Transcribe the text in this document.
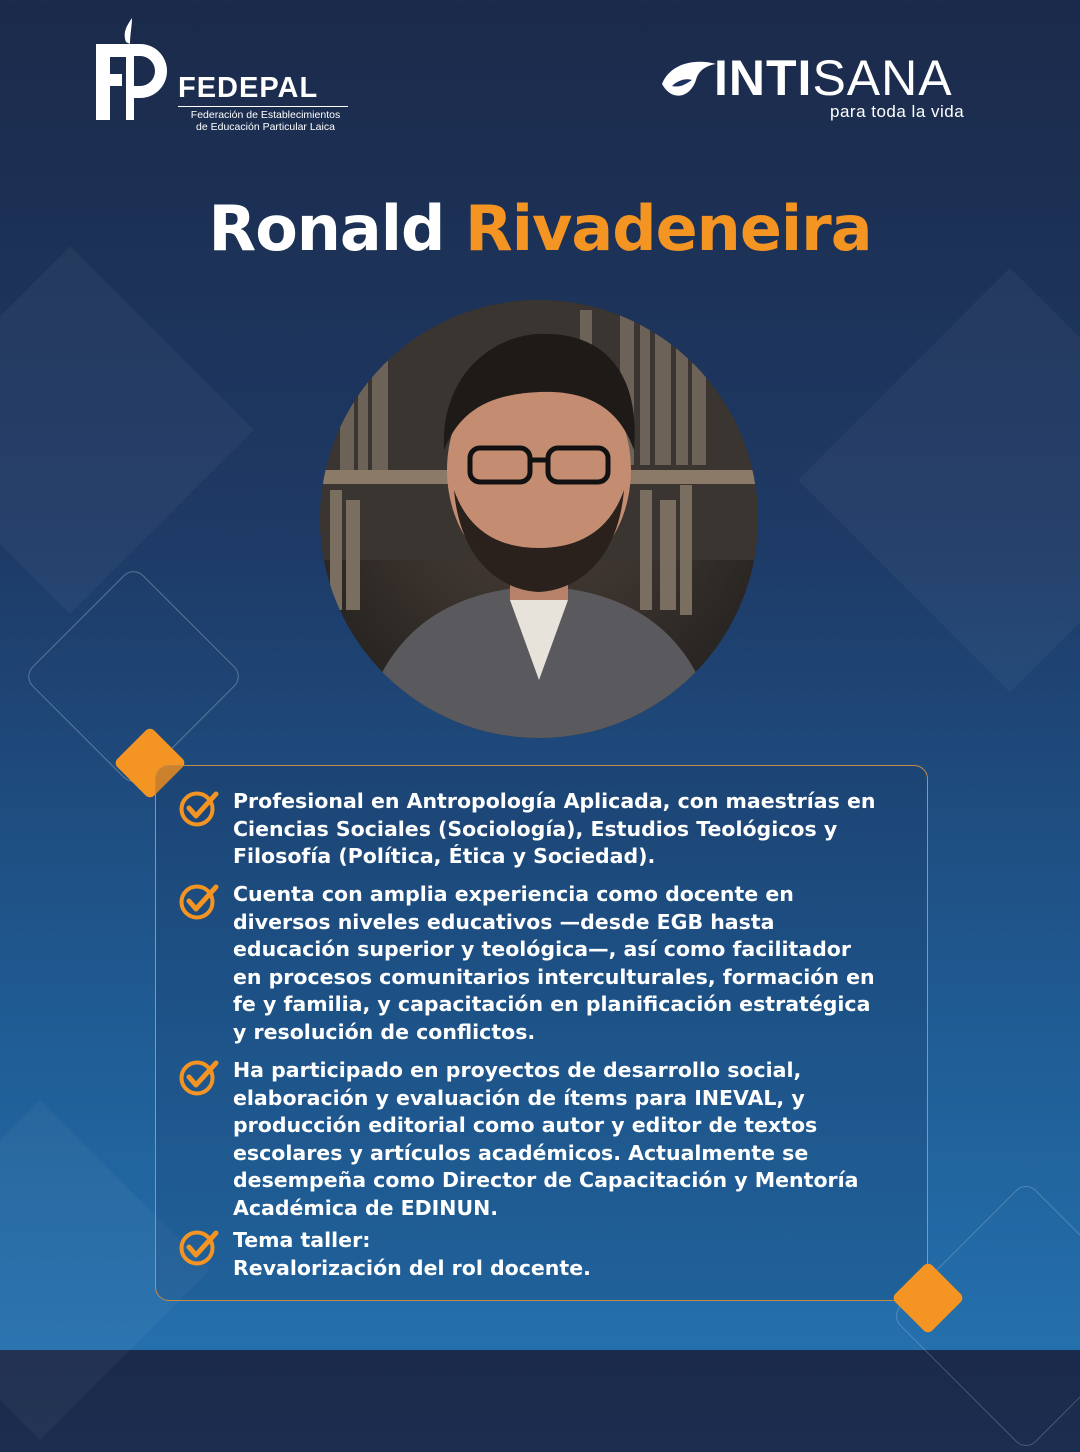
FEDEPAL
Federación de Establecimientos
de Educación Particular Laica
INTISANA
para toda la vida
Ronald Rivadeneira
Profesional en Antropología Aplicada, con maestrías en
Ciencias Sociales (Sociología), Estudios Teológicos y
Filosofía (Política, Ética y Sociedad).
Cuenta con amplia experiencia como docente en
diversos niveles educativos —desde EGB hasta
educación superior y teológica—, así como facilitador
en procesos comunitarios interculturales, formación en
fe y familia, y capacitación en planificación estratégica
y resolución de conflictos.
Ha participado en proyectos de desarrollo social,
elaboración y evaluación de ítems para INEVAL, y
producción editorial como autor y editor de textos
escolares y artículos académicos. Actualmente se
desempeña como Director de Capacitación y Mentoría
Académica de EDINUN.
Tema taller:
Revalorización del rol docente.
